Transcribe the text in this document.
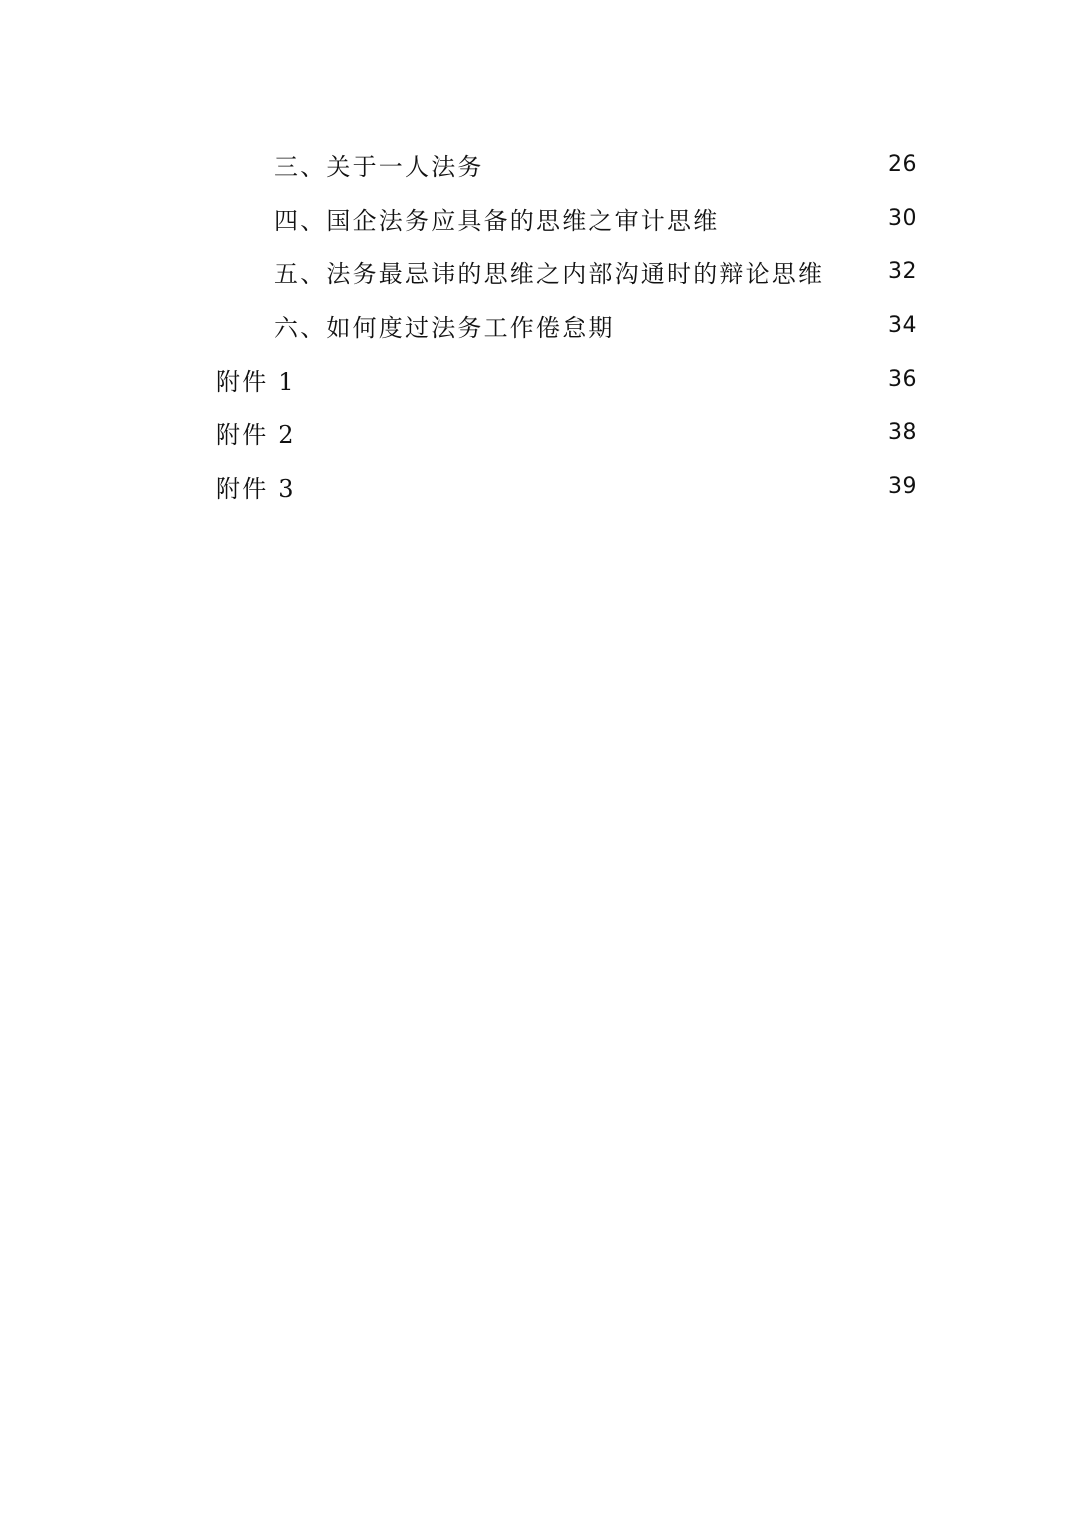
三、关于一人法务	26
四、国企法务应具备的思维之审计思维	30
五、法务最忌讳的思维之内部沟通时的辩论思维	32
六、如何度过法务工作倦怠期	34
附件 1	36
附件 2	38
附件 3	39
